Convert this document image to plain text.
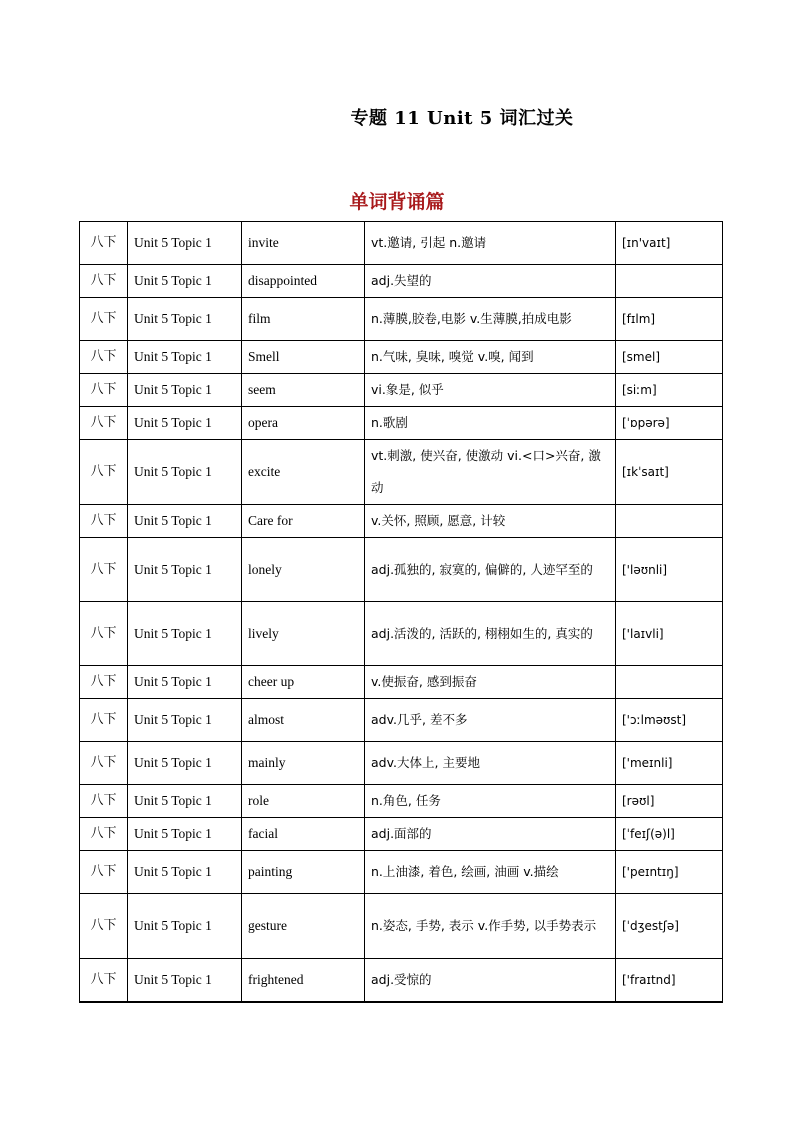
专题 11 Unit 5 词汇过关
单词背诵篇
八下	Unit 5 Topic 1	invite	vt.邀请, 引起 n.邀请	[ɪn'vaɪt]
八下	Unit 5 Topic 1	disappointed	adj.失望的	
八下	Unit 5 Topic 1	film	n.薄膜,胶卷,电影 v.生薄膜,拍成电影	[fɪlm]
八下	Unit 5 Topic 1	Smell	n.气味, 臭味, 嗅觉 v.嗅, 闻到	[smel]
八下	Unit 5 Topic 1	seem	vi.象是, 似乎	[siːm]
八下	Unit 5 Topic 1	opera	n.歌剧	[ˈɒpərə]
八下	Unit 5 Topic 1	excite	vt.刺激, 使兴奋, 使激动 vi.<口>兴奋, 激动	[ɪkˈsaɪt]
八下	Unit 5 Topic 1	Care for	v.关怀, 照顾, 愿意, 计较	
八下	Unit 5 Topic 1	lonely	adj.孤独的, 寂寞的, 偏僻的, 人迹罕至的	['ləʊnli]
八下	Unit 5 Topic 1	lively	adj.活泼的, 活跃的, 栩栩如生的, 真实的	['laɪvli]
八下	Unit 5 Topic 1	cheer up	v.使振奋, 感到振奋	
八下	Unit 5 Topic 1	almost	adv.几乎, 差不多	['ɔːlməʊst]
八下	Unit 5 Topic 1	mainly	adv.大体上, 主要地	['meɪnli]
八下	Unit 5 Topic 1	role	n.角色, 任务	[rəʊl]
八下	Unit 5 Topic 1	facial	adj.面部的	[ˈfeɪʃ(ə)l]
八下	Unit 5 Topic 1	painting	n.上油漆, 着色, 绘画, 油画 v.描绘	['peɪntɪŋ]
八下	Unit 5 Topic 1	gesture	n.姿态, 手势, 表示 v.作手势, 以手势表示	[ˈdʒestʃə]
八下	Unit 5 Topic 1	frightened	adj.受惊的	['fraɪtnd]
